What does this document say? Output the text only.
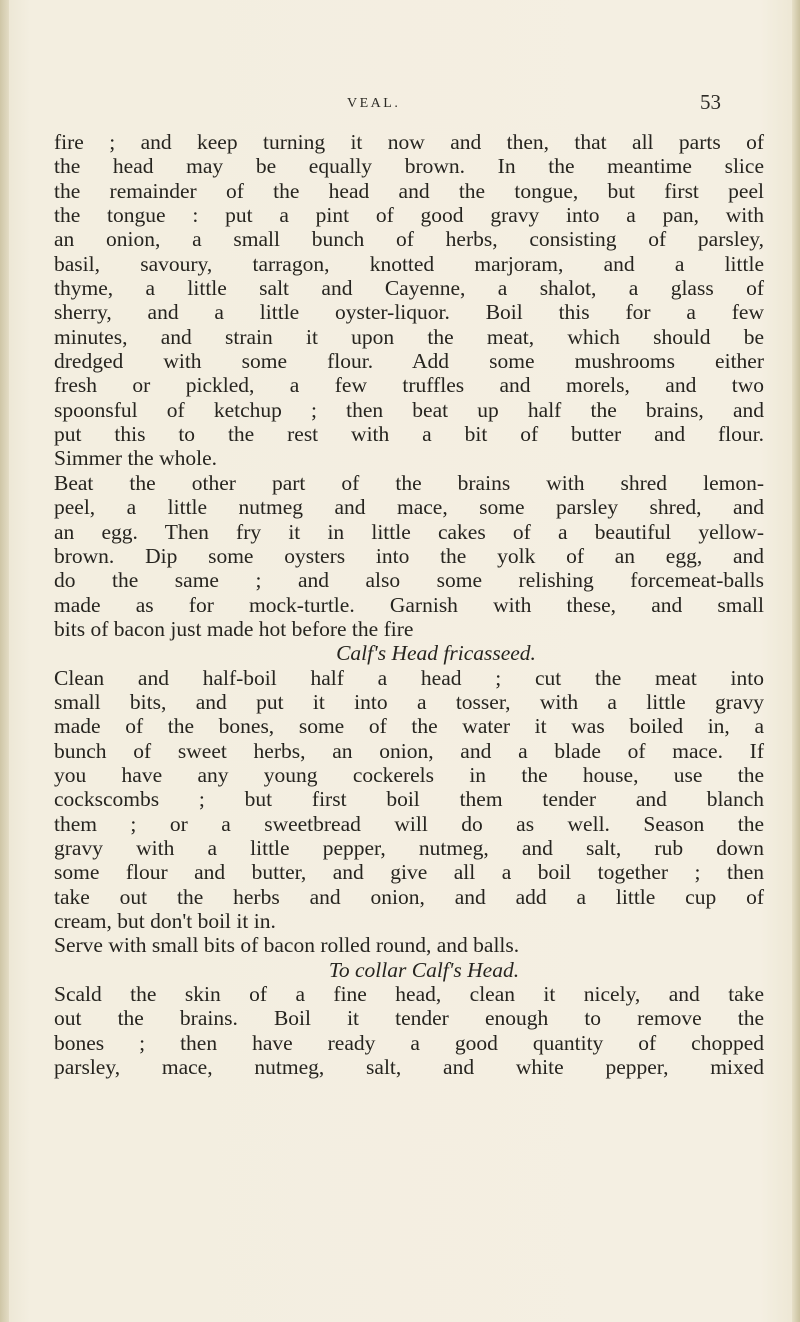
VEAL.	53
fire ; and keep turning it now and then, that all parts of
the head may be equally brown. In the meantime slice
the remainder of the head and the tongue, but first peel
the tongue : put a pint of good gravy into a pan, with
an onion, a small bunch of herbs, consisting of parsley,
basil, savoury, tarragon, knotted marjoram, and a little
thyme, a little salt and Cayenne, a shalot, a glass of
sherry, and a little oyster-liquor. Boil this for a few
minutes, and strain it upon the meat, which should be
dredged with some flour. Add some mushrooms either
fresh or pickled, a few truffles and morels, and two
spoonsful of ketchup ; then beat up half the brains, and
put this to the rest with a bit of butter and flour.
Simmer the whole.
Beat the other part of the brains with shred lemon-
peel, a little nutmeg and mace, some parsley shred, and
an egg. Then fry it in little cakes of a beautiful yellow-
brown. Dip some oysters into the yolk of an egg, and
do the same ; and also some relishing forcemeat-balls
made as for mock-turtle. Garnish with these, and small
bits of bacon just made hot before the fire
Calf's Head fricasseed.
Clean and half-boil half a head ; cut the meat into
small bits, and put it into a tosser, with a little gravy
made of the bones, some of the water it was boiled in, a
bunch of sweet herbs, an onion, and a blade of mace. If
you have any young cockerels in the house, use the
cockscombs ; but first boil them tender and blanch
them ; or a sweetbread will do as well. Season the
gravy with a little pepper, nutmeg, and salt, rub down
some flour and butter, and give all a boil together ; then
take out the herbs and onion, and add a little cup of
cream, but don't boil it in.
Serve with small bits of bacon rolled round, and balls.
To collar Calf's Head.
Scald the skin of a fine head, clean it nicely, and take
out the brains. Boil it tender enough to remove the
bones ; then have ready a good quantity of chopped
parsley, mace, nutmeg, salt, and white pepper, mixed
